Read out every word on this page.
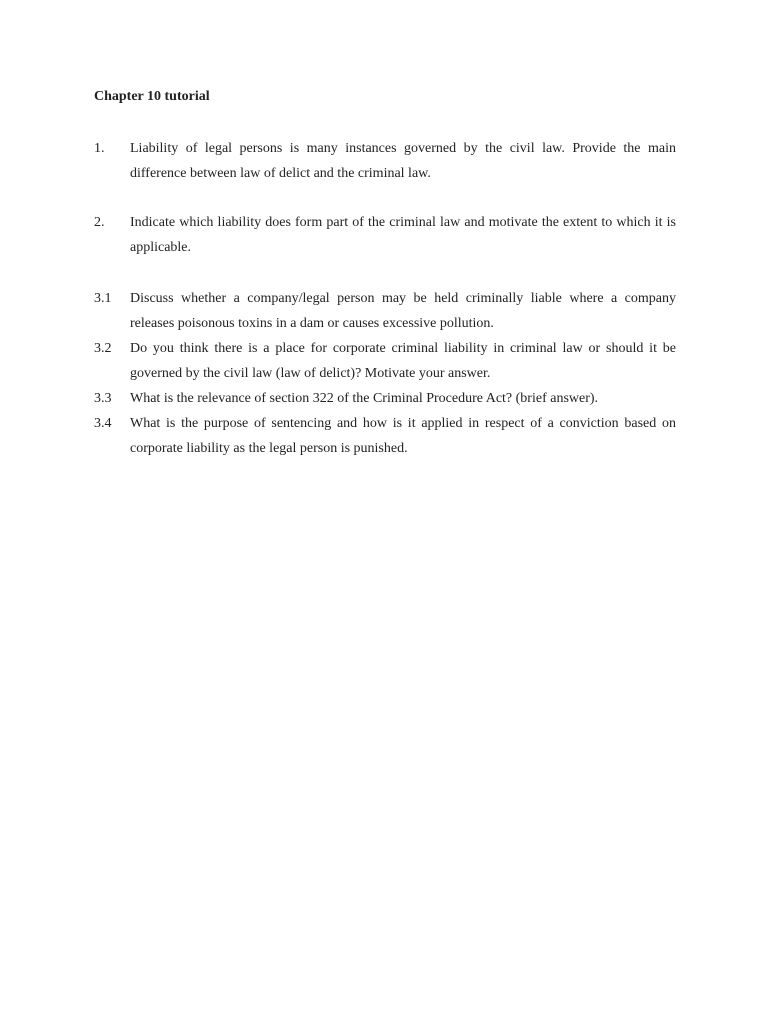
Chapter 10 tutorial
1.	Liability of legal persons is many instances governed by the civil law. Provide the main difference between law of delict and the criminal law.
2.	Indicate which liability does form part of the criminal law and motivate the extent to which it is applicable.
3.1	Discuss whether a company/legal person may be held criminally liable where a company releases poisonous toxins in a dam or causes excessive pollution.
3.2	Do you think there is a place for corporate criminal liability in criminal law or should it be governed by the civil law (law of delict)? Motivate your answer.
3.3	What is the relevance of section 322 of the Criminal Procedure Act? (brief answer).
3.4	What is the purpose of sentencing and how is it applied in respect of a conviction based on corporate liability as the legal person is punished.
